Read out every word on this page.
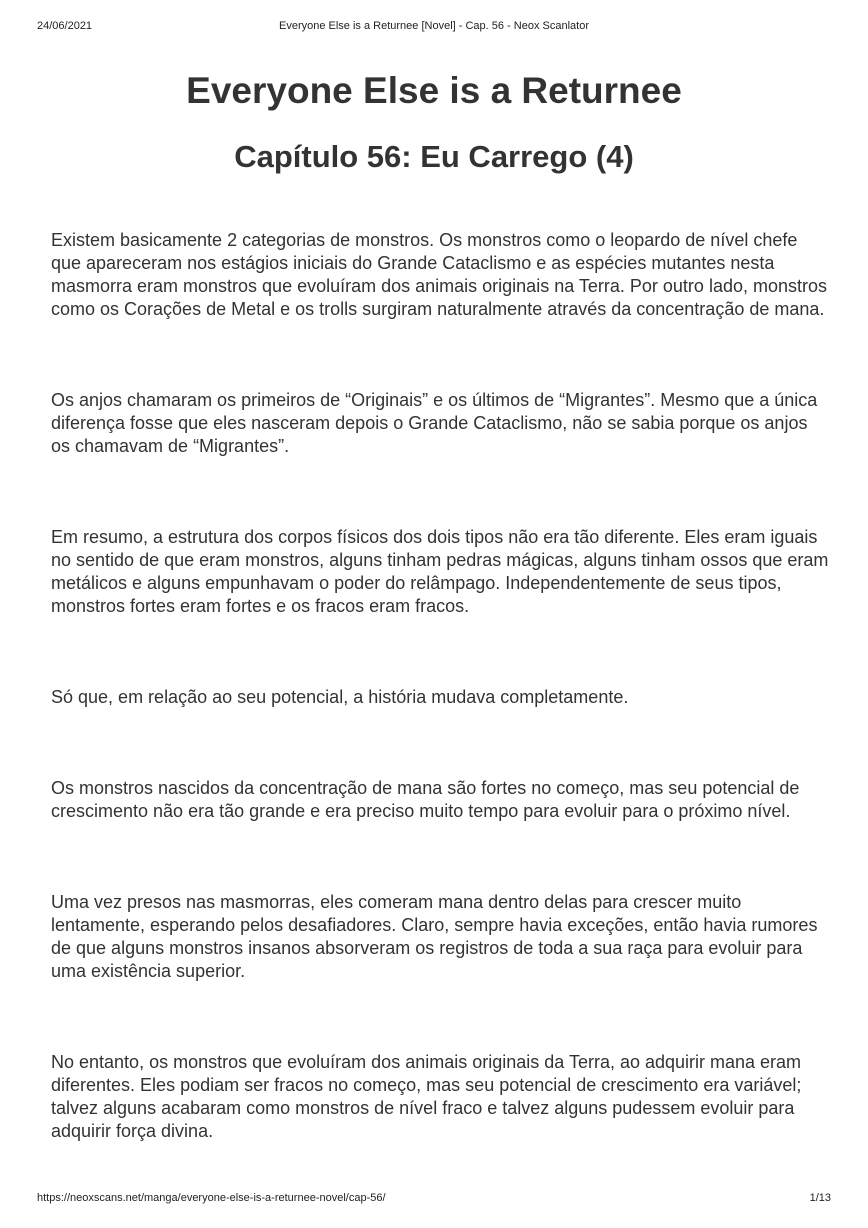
24/06/2021	Everyone Else is a Returnee [Novel] - Cap. 56 - Neox Scanlator
Everyone Else is a Returnee
Capítulo 56: Eu Carrego (4)

Existem basicamente 2 categorias de monstros. Os monstros como o leopardo de nível chefe que apareceram nos estágios iniciais do Grande Cataclismo e as espécies mutantes nesta masmorra eram monstros que evoluíram dos animais originais na Terra. Por outro lado, monstros como os Corações de Metal e os trolls surgiram naturalmente através da concentração de mana.

Os anjos chamaram os primeiros de “Originais” e os últimos de “Migrantes”. Mesmo que a única diferença fosse que eles nasceram depois o Grande Cataclismo, não se sabia porque os anjos os chamavam de “Migrantes”.

Em resumo, a estrutura dos corpos físicos dos dois tipos não era tão diferente. Eles eram iguais no sentido de que eram monstros, alguns tinham pedras mágicas, alguns tinham ossos que eram metálicos e alguns empunhavam o poder do relâmpago. Independentemente de seus tipos, monstros fortes eram fortes e os fracos eram fracos.

Só que, em relação ao seu potencial, a história mudava completamente.

Os monstros nascidos da concentração de mana são fortes no começo, mas seu potencial de crescimento não era tão grande e era preciso muito tempo para evoluir para o próximo nível.

Uma vez presos nas masmorras, eles comeram mana dentro delas para crescer muito lentamente, esperando pelos desafiadores. Claro, sempre havia exceções, então havia rumores de que alguns monstros insanos absorveram os registros de toda a sua raça para evoluir para uma existência superior.

No entanto, os monstros que evoluíram dos animais originais da Terra, ao adquirir mana eram diferentes. Eles podiam ser fracos no começo, mas seu potencial de crescimento era variável; talvez alguns acabaram como monstros de nível fraco e talvez alguns pudessem evoluir para adquirir força divina.

https://neoxscans.net/manga/everyone-else-is-a-returnee-novel/cap-56/	1/13
